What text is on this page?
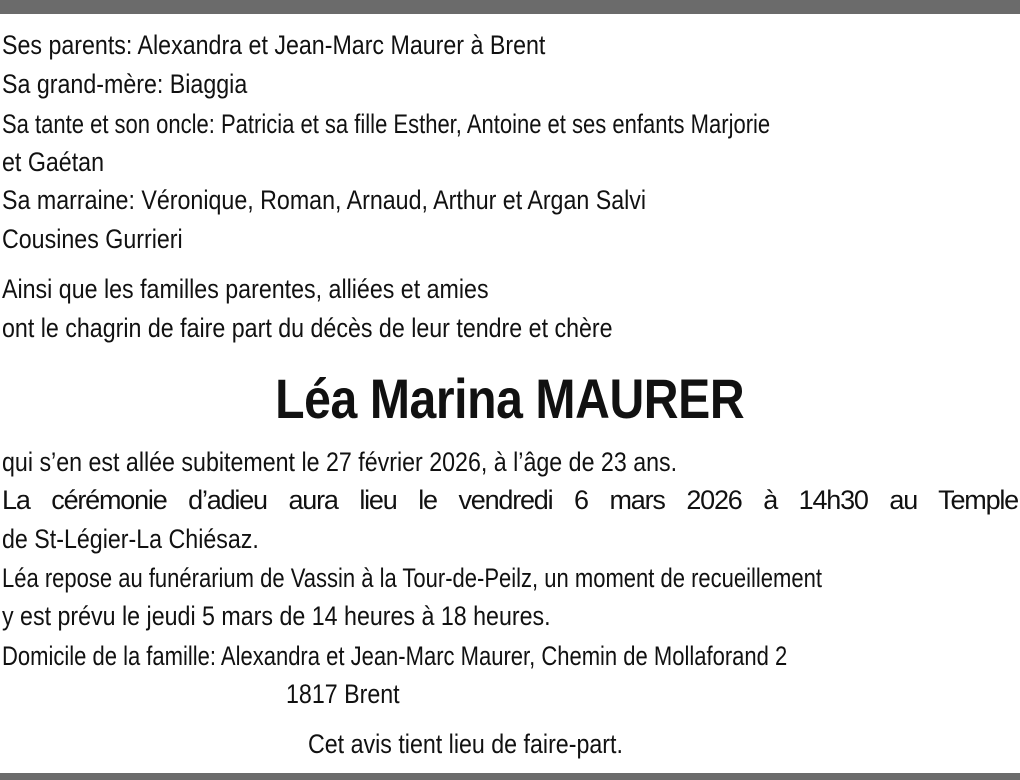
Ses parents: Alexandra et Jean-Marc Maurer à Brent
Sa grand-mère: Biaggia
Sa tante et son oncle: Patricia et sa fille Esther, Antoine et ses enfants Marjorie
et Gaétan
Sa marraine: Véronique, Roman, Arnaud, Arthur et Argan Salvi
Cousines Gurrieri
Ainsi que les familles parentes, alliées et amies
ont le chagrin de faire part du décès de leur tendre et chère
Léa Marina MAURER
qui s’en est allée subitement le 27 février 2026, à l’âge de 23 ans.
La cérémonie d’adieu aura lieu le vendredi 6 mars 2026 à 14h30 au Temple
de St-Légier-La Chiésaz.
Léa repose au funérarium de Vassin à la Tour-de-Peilz, un moment de recueillement
y est prévu le jeudi 5 mars de 14 heures à 18 heures.
Domicile de la famille: Alexandra et Jean-Marc Maurer, Chemin de Mollaforand 2
1817 Brent
Cet avis tient lieu de faire-part.
